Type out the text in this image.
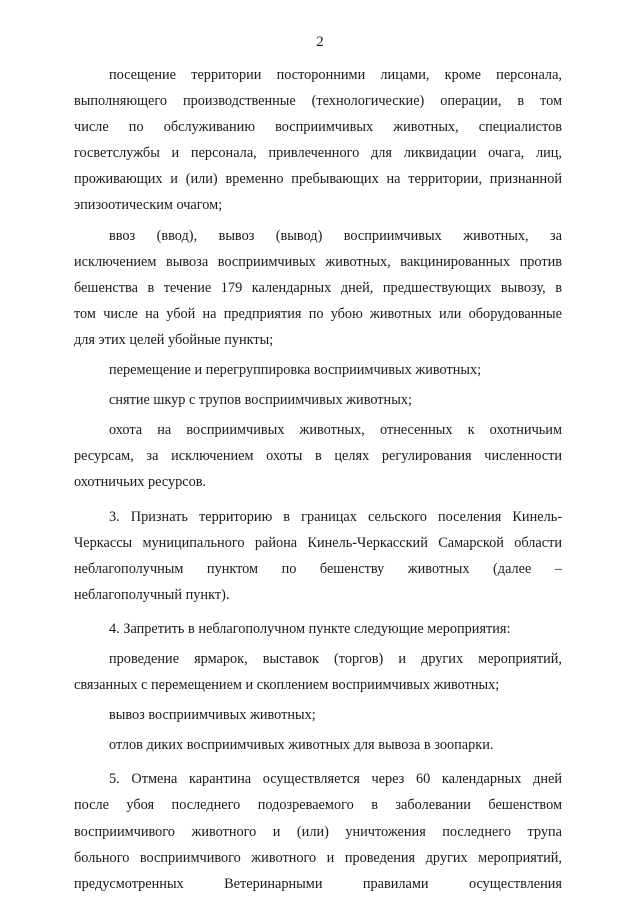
2

посещение территории посторонними лицами, кроме персонала,
выполняющего производственные (технологические) операции, в том
числе по обслуживанию восприимчивых животных, специалистов
госветслужбы и персонала, привлеченного для ликвидации очага, лиц,
проживающих и (или) временно пребывающих на территории, признанной
эпизоотическим очагом;

ввоз (ввод), вывоз (вывод) восприимчивых животных, за
исключением вывоза восприимчивых животных, вакцинированных против
бешенства в течение 179 календарных дней, предшествующих вывозу, в
том числе на убой на предприятия по убою животных или оборудованные
для этих целей убойные пункты;

перемещение и перегруппировка восприимчивых животных;

снятие шкур с трупов восприимчивых животных;

охота на восприимчивых животных, отнесенных к охотничьим
ресурсам, за исключением охоты в целях регулирования численности
охотничьих ресурсов.

3. Признать территорию в границах сельского поселения Кинель-
Черкассы муниципального района Кинель-Черкасский Самарской области
неблагополучным пунктом по бешенству животных (далее –
неблагополучный пункт).

4. Запретить в неблагополучном пункте следующие мероприятия:

проведение ярмарок, выставок (торгов) и других мероприятий,
связанных с перемещением и скоплением восприимчивых животных;

вывоз восприимчивых животных;

отлов диких восприимчивых животных для вывоза в зоопарки.

5. Отмена карантина осуществляется через 60 календарных дней
после убоя последнего подозреваемого в заболевании бешенством
восприимчивого животного и (или) уничтожения последнего трупа
больного восприимчивого животного и проведения других мероприятий,
предусмотренных Ветеринарными правилами осуществления
